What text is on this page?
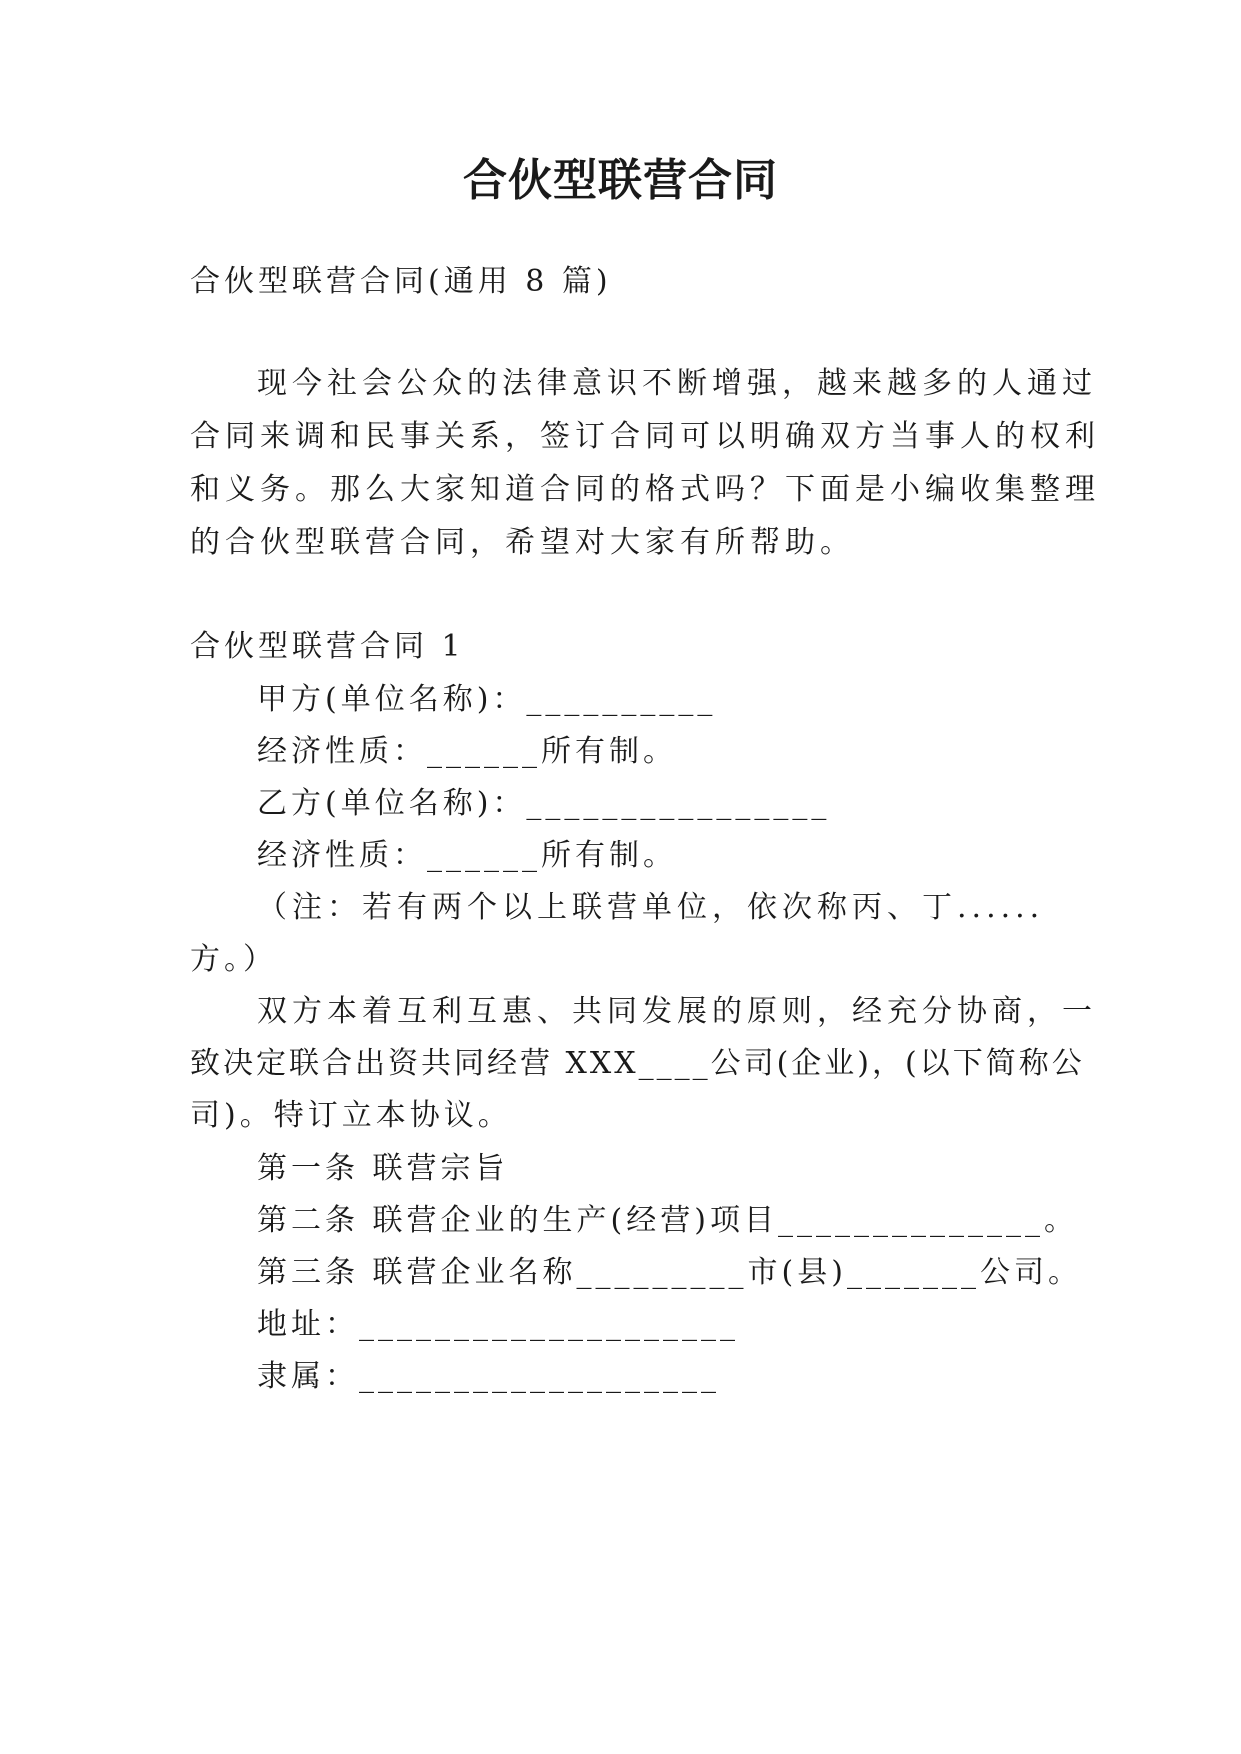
合伙型联营合同
合伙型联营合同(通用 8 篇)
现今社会公众的法律意识不断增强，越来越多的人通过
合同来调和民事关系，签订合同可以明确双方当事人的权利
和义务。那么大家知道合同的格式吗？下面是小编收集整理
的合伙型联营合同，希望对大家有所帮助。
合伙型联营合同 1
甲方(单位名称)：__________
经济性质：______所有制。
乙方(单位名称)：________________
经济性质：______所有制。
（注：若有两个以上联营单位，依次称丙、丁......
方。）
双方本着互利互惠、共同发展的原则，经充分协商，一
致决定联合出资共同经营 XXX____公司(企业)，(以下简称公
司)。特订立本协议。
第一条 联营宗旨
第二条 联营企业的生产(经营)项目______________。
第三条 联营企业名称_________市(县)_______公司。
地址：____________________
隶属：___________________
